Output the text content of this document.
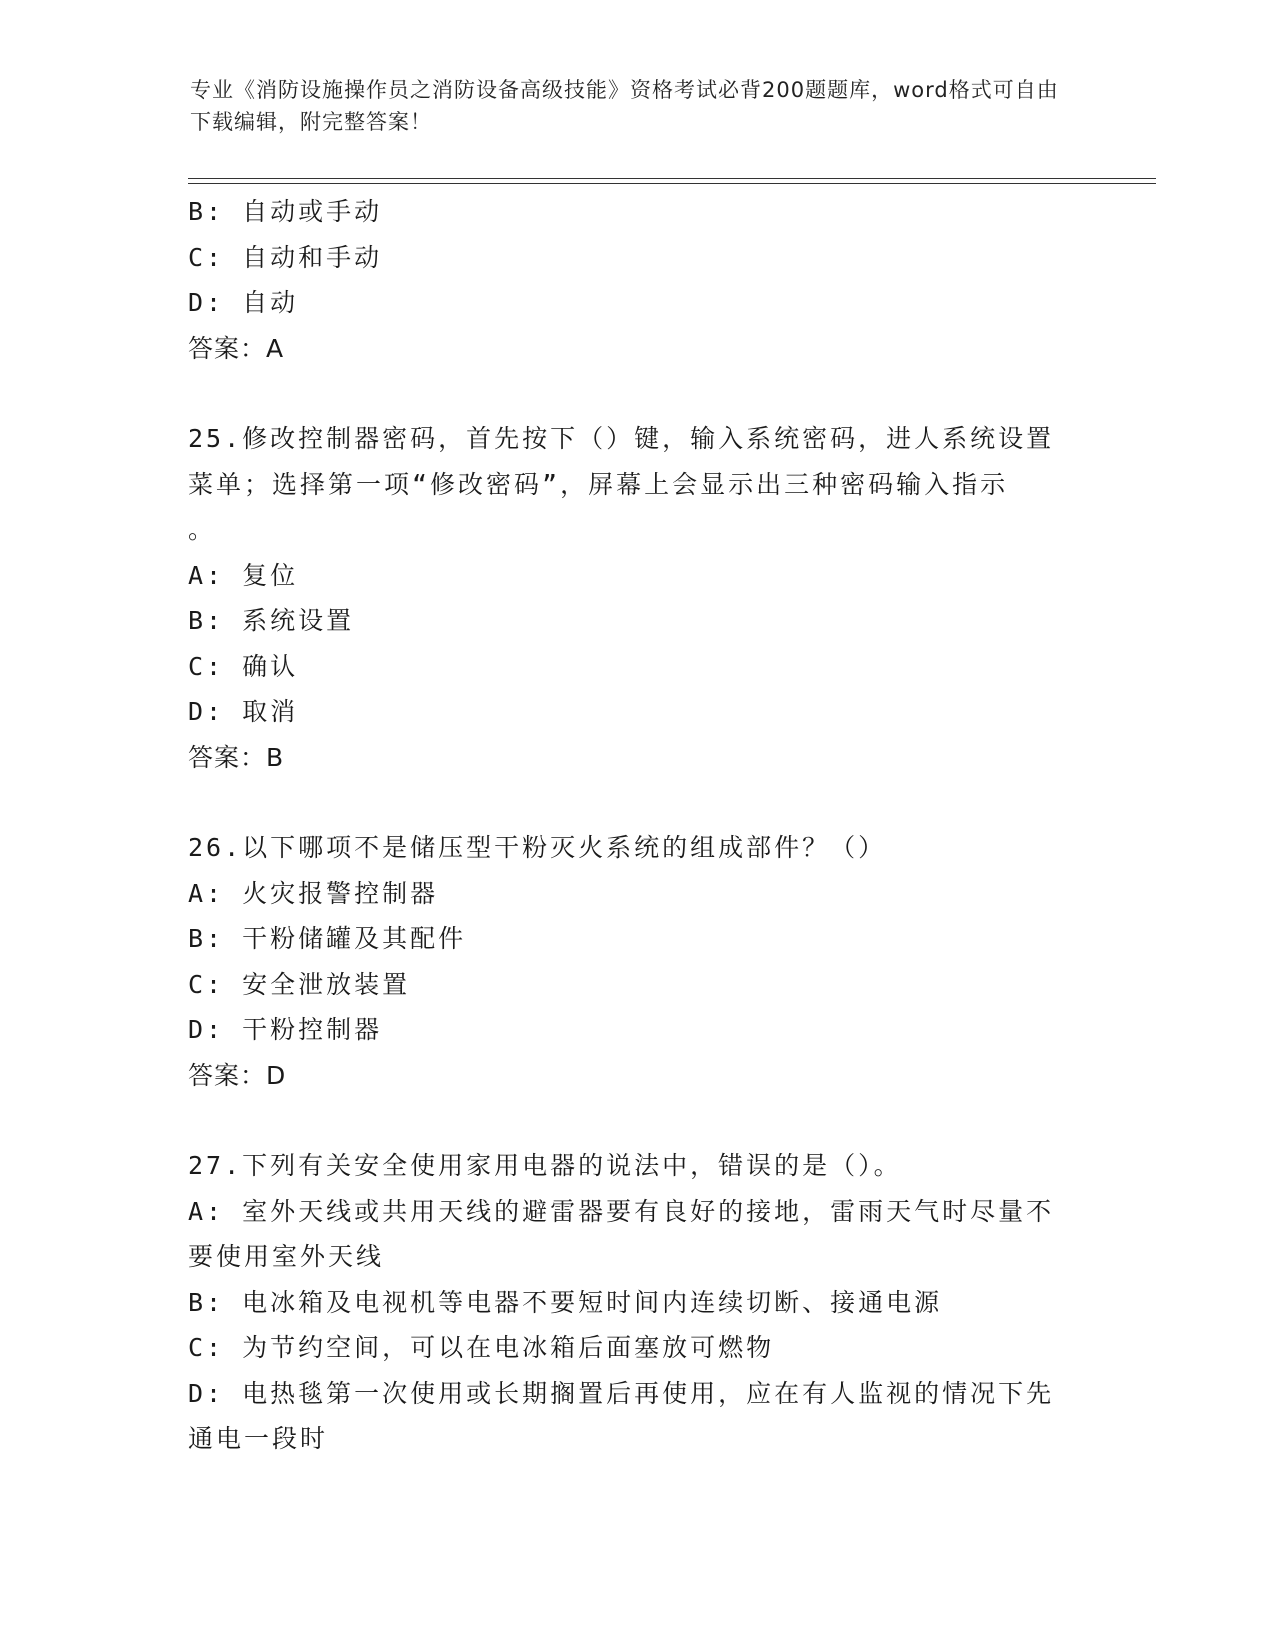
专业《消防设施操作员之消防设备高级技能》资格考试必背200题题库，word格式可自由下载编辑，附完整答案！
B: 自动或手动
C: 自动和手动
D: 自动
答案：A
25.修改控制器密码，首先按下（）键，输入系统密码，进人系统设置
菜单；选择第一项“修改密码”，屏幕上会显示出三种密码输入指示
。
A: 复位
B: 系统设置
C: 确认
D: 取消
答案：B
26.以下哪项不是储压型干粉灭火系统的组成部件？（）
A: 火灾报警控制器
B: 干粉储罐及其配件
C: 安全泄放装置
D: 干粉控制器
答案：D
27.下列有关安全使用家用电器的说法中，错误的是（）。
A: 室外天线或共用天线的避雷器要有良好的接地，雷雨天气时尽量不
要使用室外天线
B: 电冰箱及电视机等电器不要短时间内连续切断、接通电源
C: 为节约空间，可以在电冰箱后面塞放可燃物
D: 电热毯第一次使用或长期搁置后再使用，应在有人监视的情况下先
通电一段时
